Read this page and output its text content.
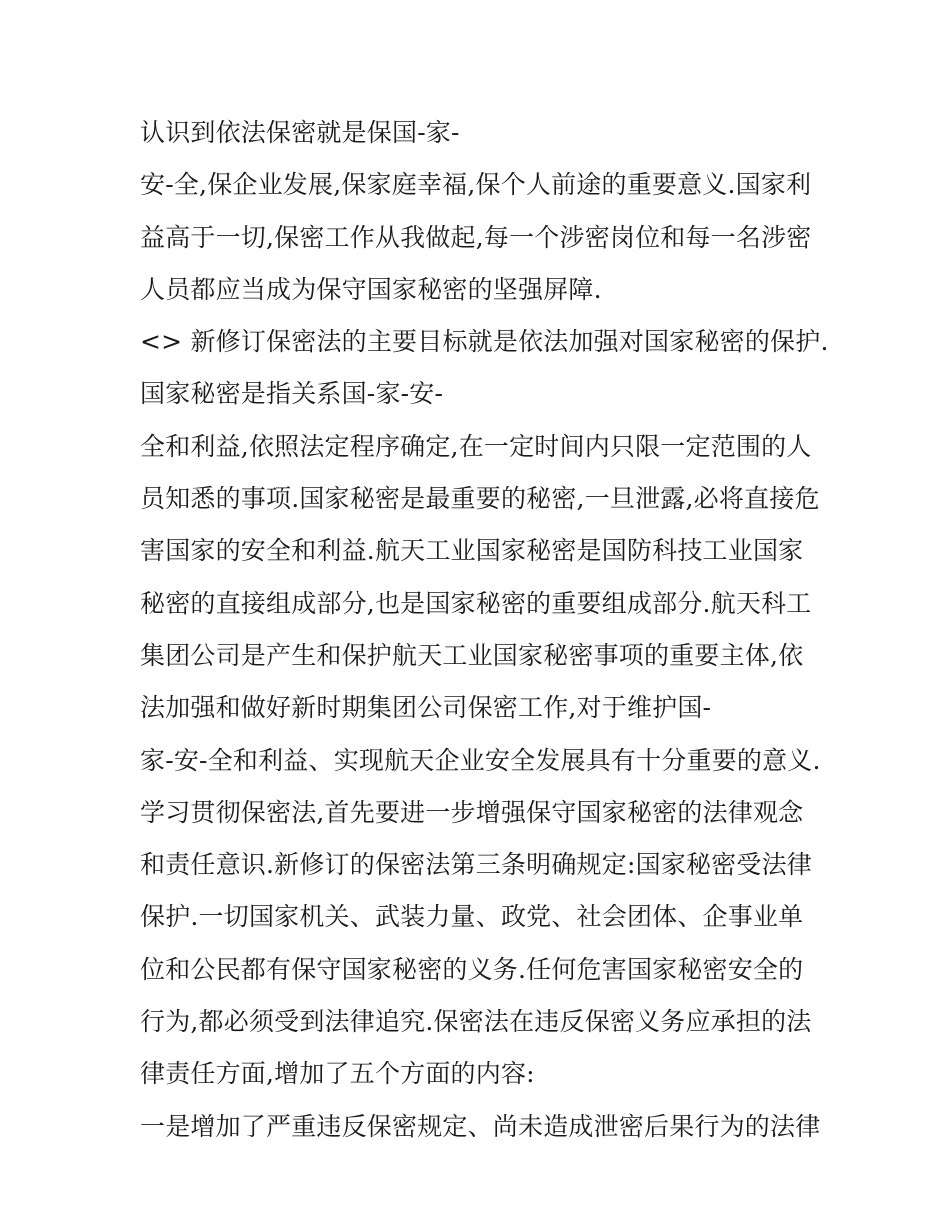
认识到依法保密就是保国-家-
安-全,保企业发展,保家庭幸福,保个人前途的重要意义.国家利
益高于一切,保密工作从我做起,每一个涉密岗位和每一名涉密
人员都应当成为保守国家秘密的坚强屏障.
<> 新修订保密法的主要目标就是依法加强对国家秘密的保护.
国家秘密是指关系国-家-安-
全和利益,依照法定程序确定,在一定时间内只限一定范围的人
员知悉的事项.国家秘密是最重要的秘密,一旦泄露,必将直接危
害国家的安全和利益.航天工业国家秘密是国防科技工业国家
秘密的直接组成部分,也是国家秘密的重要组成部分.航天科工
集团公司是产生和保护航天工业国家秘密事项的重要主体,依
法加强和做好新时期集团公司保密工作,对于维护国-
家-安-全和利益、实现航天企业安全发展具有十分重要的意义.
学习贯彻保密法,首先要进一步增强保守国家秘密的法律观念
和责任意识.新修订的保密法第三条明确规定:国家秘密受法律
保护.一切国家机关、武装力量、政党、社会团体、企事业单
位和公民都有保守国家秘密的义务.任何危害国家秘密安全的
行为,都必须受到法律追究.保密法在违反保密义务应承担的法
律责任方面,增加了五个方面的内容:
一是增加了严重违反保密规定、尚未造成泄密后果行为的法律
